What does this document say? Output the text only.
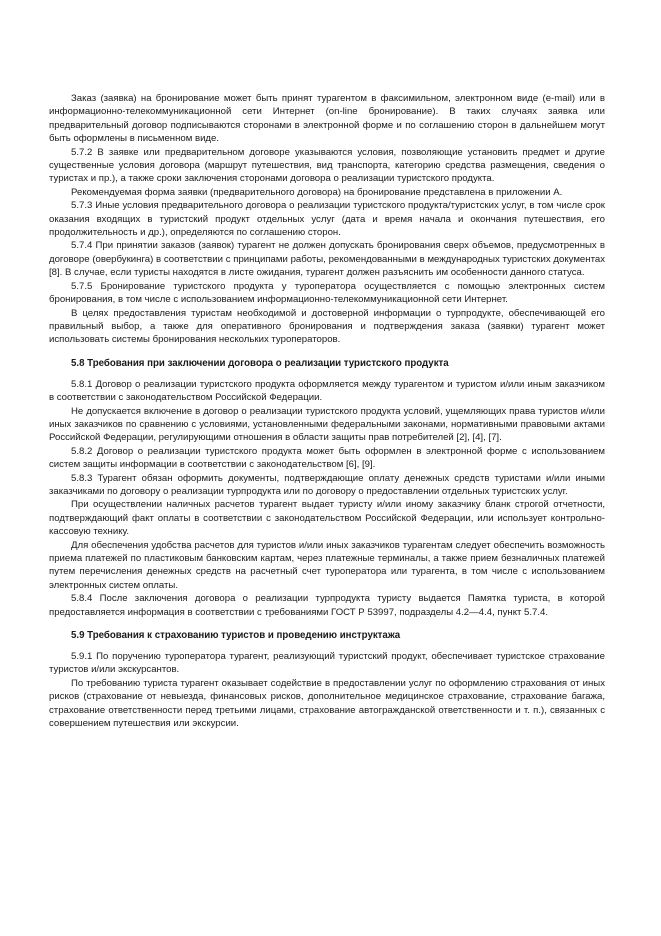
Заказ (заявка) на бронирование может быть принят турагентом в факсимильном, электронном виде (e-mail) или в информационно-телекоммуникационной сети Интернет (on-line бронирование). В таких случаях заявка или предварительный договор подписываются сторонами в электронной форме и по соглашению сторон в дальнейшем могут быть оформлены в письменном виде.

5.7.2 В заявке или предварительном договоре указываются условия, позволяющие установить предмет и другие существенные условия договора (маршрут путешествия, вид транспорта, категорию средства размещения, сведения о туристах и пр.), а также сроки заключения сторонами договора о реализации туристского продукта.

Рекомендуемая форма заявки (предварительного договора) на бронирование представлена в приложении А.

5.7.3 Иные условия предварительного договора о реализации туристского продукта/туристских услуг, в том числе срок оказания входящих в туристский продукт отдельных услуг (дата и время начала и окончания путешествия, его продолжительность и др.), определяются по соглашению сторон.

5.7.4 При принятии заказов (заявок) турагент не должен допускать бронирования сверх объемов, предусмотренных в договоре (овербукинга) в соответствии с принципами работы, рекомендованными в международных туристских документах [8]. В случае, если туристы находятся в листе ожидания, турагент должен разъяснить им особенности данного статуса.

5.7.5 Бронирование туристского продукта у туроператора осуществляется с помощью электронных систем бронирования, в том числе с использованием информационно-телекоммуникационной сети Интернет.

В целях предоставления туристам необходимой и достоверной информации о турпродукте, обеспечивающей его правильный выбор, а также для оперативного бронирования и подтверждения заказа (заявки) турагент может использовать системы бронирования нескольких туроператоров.

5.8 Требования при заключении договора о реализации туристского продукта

5.8.1 Договор о реализации туристского продукта оформляется между турагентом и туристом и/или иным заказчиком в соответствии с законодательством Российской Федерации.

Не допускается включение в договор о реализации туристского продукта условий, ущемляющих права туристов и/или иных заказчиков по сравнению с условиями, установленными федеральными законами, нормативными правовыми актами Российской Федерации, регулирующими отношения в области защиты прав потребителей [2], [4], [7].

5.8.2 Договор о реализации туристского продукта может быть оформлен в электронной форме с использованием систем защиты информации в соответствии с законодательством [6], [9].

5.8.3 Турагент обязан оформить документы, подтверждающие оплату денежных средств туристами и/или иными заказчиками по договору о реализации турпродукта или по договору о предоставлении отдельных туристских услуг.

При осуществлении наличных расчетов турагент выдает туристу и/или иному заказчику бланк строгой отчетности, подтверждающий факт оплаты в соответствии с законодательством Российской Федерации, или использует контрольно-кассовую технику.

Для обеспечения удобства расчетов для туристов и/или иных заказчиков турагентам следует обеспечить возможность приема платежей по пластиковым банковским картам, через платежные терминалы, а также прием безналичных платежей путем перечисления денежных средств на расчетный счет туроператора или турагента, в том числе с использованием электронных систем оплаты.

5.8.4 После заключения договора о реализации турпродукта туристу выдается Памятка туриста, в которой предоставляется информация в соответствии с требованиями ГОСТ Р 53997, подразделы 4.2—4.4, пункт 5.7.4.

5.9 Требования к страхованию туристов и проведению инструктажа

5.9.1 По поручению туроператора турагент, реализующий туристский продукт, обеспечивает туристское страхование туристов и/или экскурсантов.

По требованию туриста турагент оказывает содействие в предоставлении услуг по оформлению страхования от иных рисков (страхование от невыезда, финансовых рисков, дополнительное медицинское страхование, страхование багажа, страхование ответственности перед третьими лицами, страхование автогражданской ответственности и т. п.), связанных с совершением путешествия или экскурсии.
